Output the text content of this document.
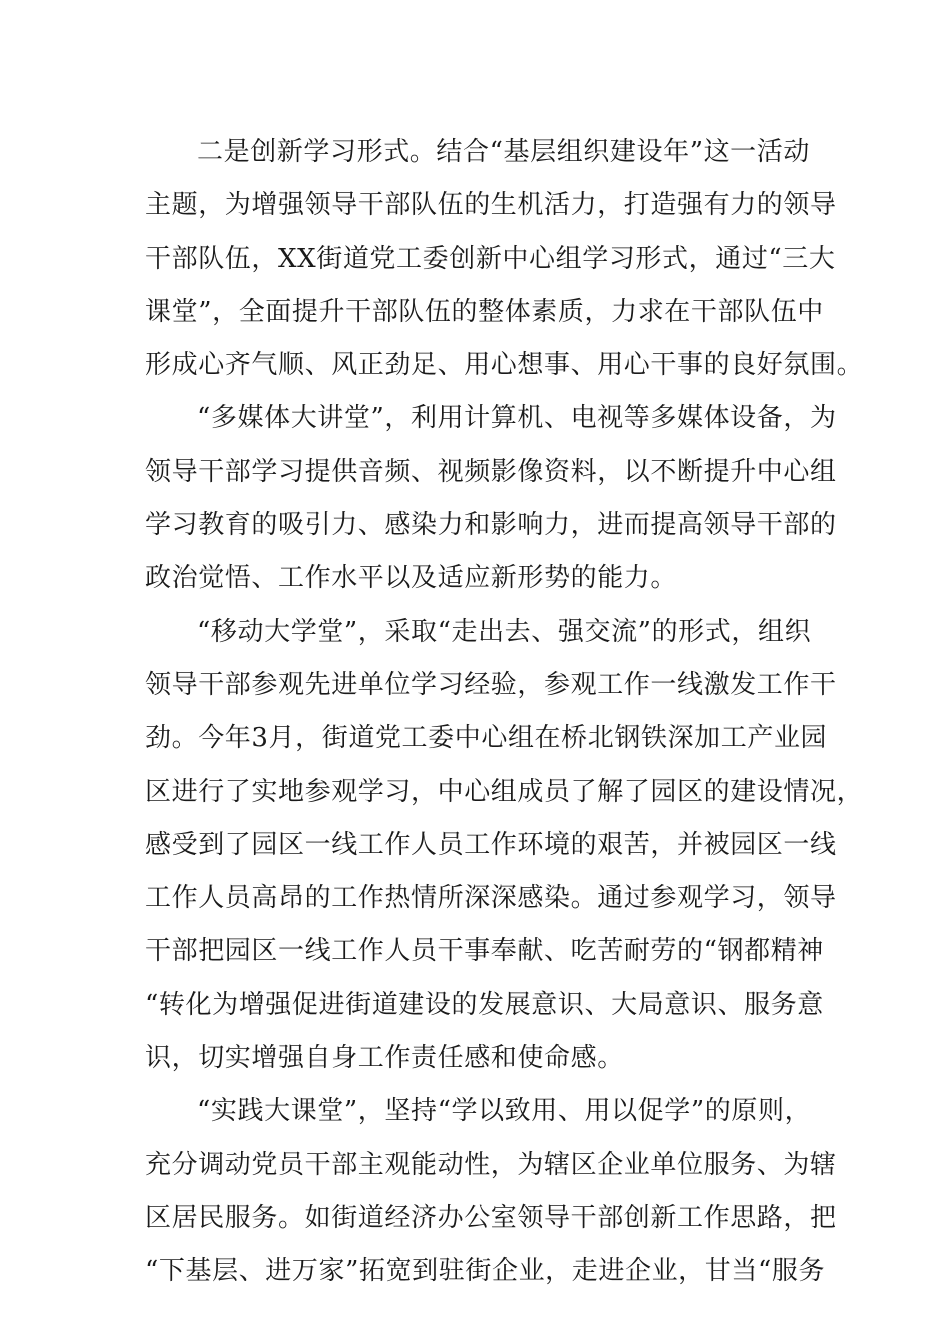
二是创新学习形式。结合“基层组织建设年”这一活动
主题，为增强领导干部队伍的生机活力，打造强有力的领导
干部队伍，XX街道党工委创新中心组学习形式，通过“三大
课堂”，全面提升干部队伍的整体素质，力求在干部队伍中
形成心齐气顺、风正劲足、用心想事、用心干事的良好氛围。
“多媒体大讲堂”，利用计算机、电视等多媒体设备，为
领导干部学习提供音频、视频影像资料，以不断提升中心组
学习教育的吸引力、感染力和影响力，进而提高领导干部的
政治觉悟、工作水平以及适应新形势的能力。
“移动大学堂”，采取“走出去、强交流”的形式，组织
领导干部参观先进单位学习经验，参观工作一线激发工作干
劲。今年3月，街道党工委中心组在桥北钢铁深加工产业园
区进行了实地参观学习，中心组成员了解了园区的建设情况，
感受到了园区一线工作人员工作环境的艰苦，并被园区一线
工作人员高昂的工作热情所深深感染。通过参观学习，领导
干部把园区一线工作人员干事奉献、吃苦耐劳的“钢都精神
“转化为增强促进街道建设的发展意识、大局意识、服务意
识，切实增强自身工作责任感和使命感。
“实践大课堂”，坚持“学以致用、用以促学”的原则，
充分调动党员干部主观能动性，为辖区企业单位服务、为辖
区居民服务。如街道经济办公室领导干部创新工作思路，把
“下基层、进万家”拓宽到驻街企业，走进企业，甘当“服务
